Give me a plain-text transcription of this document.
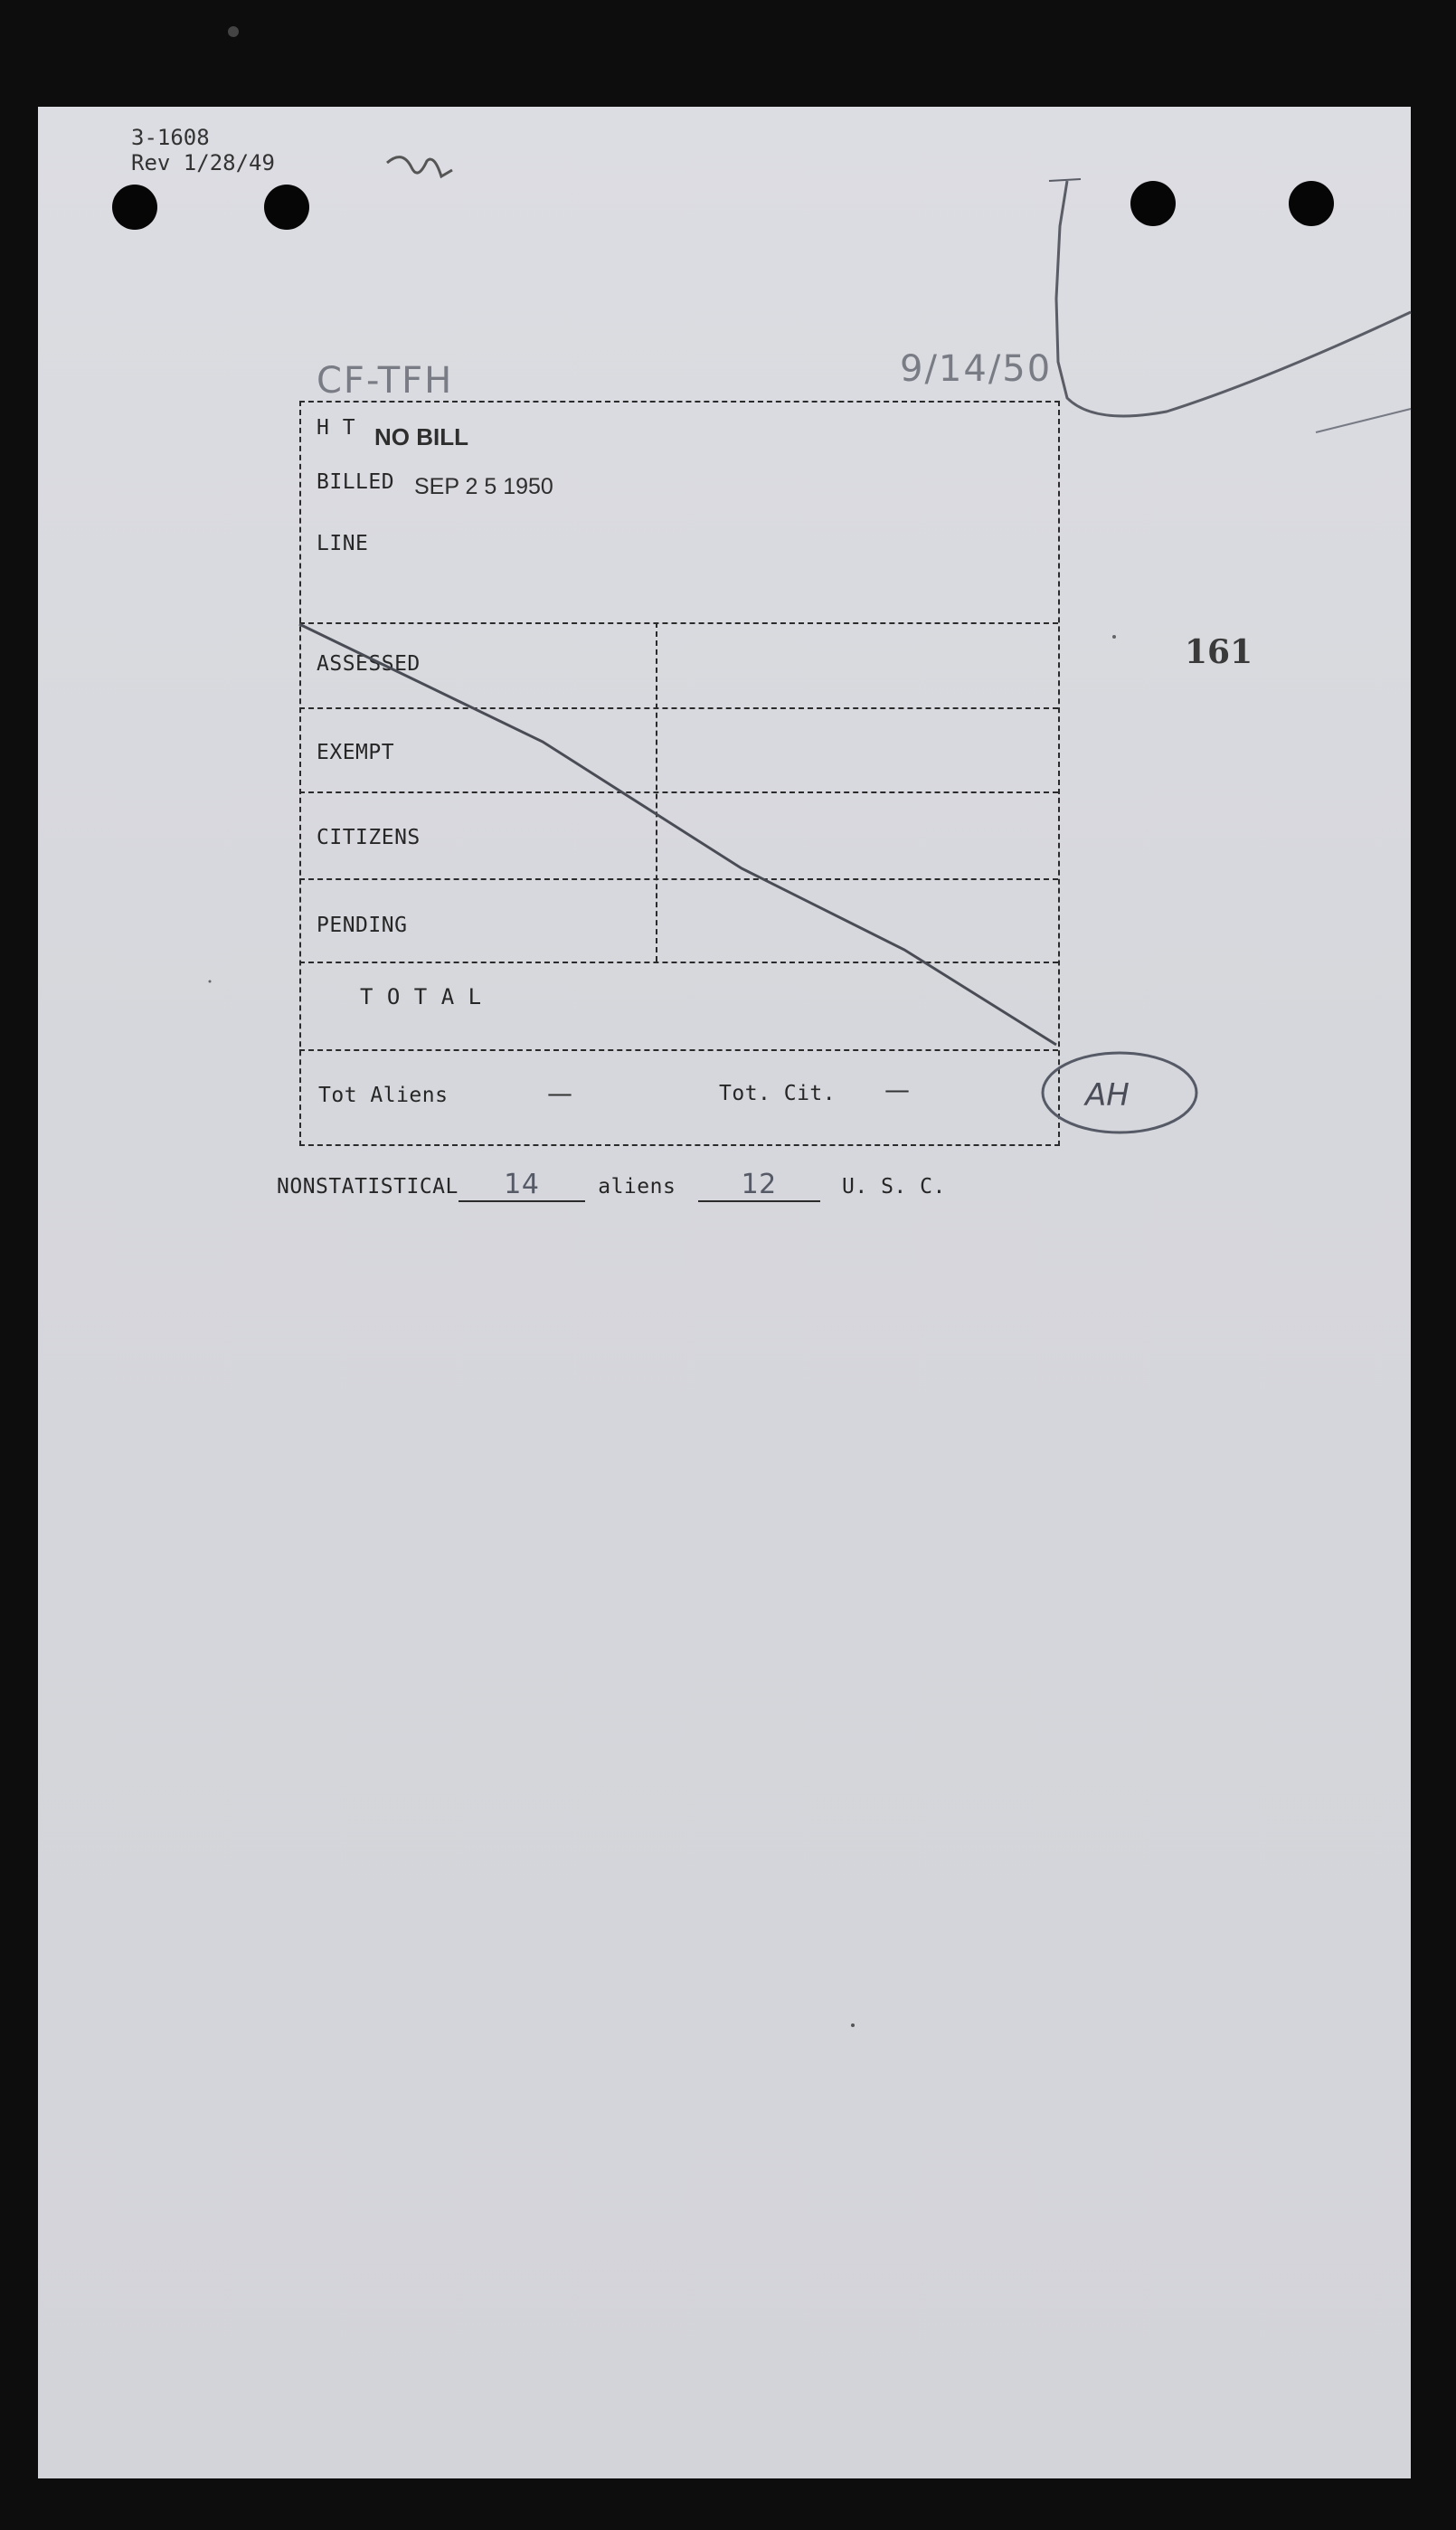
3-1608
Rev 1/28/49
CF-TFH	9/14/50
H T NO BILL
BILLED SEP 2 5 1950
LINE
ASSESSED
EXEMPT
CITIZENS
PENDING
T O T A L
Tot Aliens	—	Tot. Cit. —
161
NONSTATISTICAL 14	aliens 12	U. S. C.
AH
